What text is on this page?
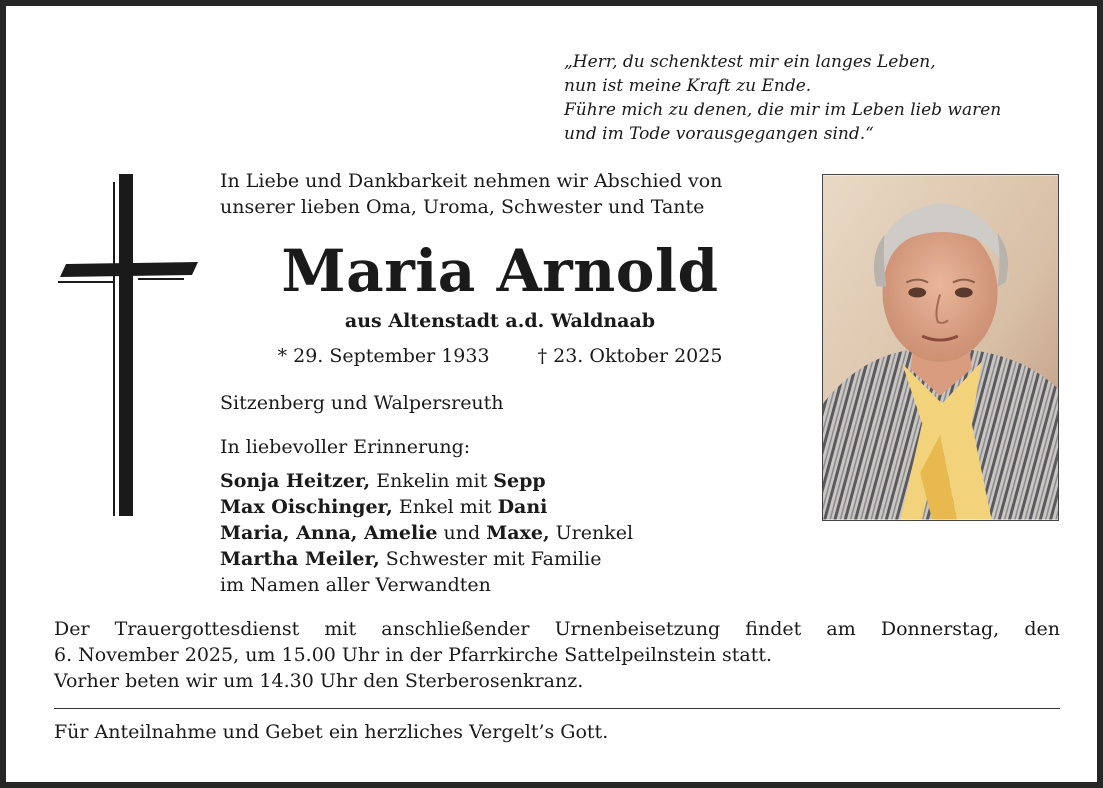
„Herr, du schenktest mir ein langes Leben,
nun ist meine Kraft zu Ende.
Führe mich zu denen, die mir im Leben lieb waren
und im Tode vorausgegangen sind.“
In Liebe und Dankbarkeit nehmen wir Abschied von
unserer lieben Oma, Uroma, Schwester und Tante
Maria Arnold
aus Altenstadt a.d. Waldnaab
* 29. September 1933	† 23. Oktober 2025
Sitzenberg und Walpersreuth
In liebevoller Erinnerung:
Sonja Heitzer, Enkelin mit Sepp
Max Oischinger, Enkel mit Dani
Maria, Anna, Amelie und Maxe, Urenkel
Martha Meiler, Schwester mit Familie
im Namen aller Verwandten
Der Trauergottesdienst mit anschließender Urnenbeisetzung findet am Donnerstag, den
6. November 2025, um 15.00 Uhr in der Pfarrkirche Sattelpeilnstein statt.
Vorher beten wir um 14.30 Uhr den Sterberosenkranz.
Für Anteilnahme und Gebet ein herzliches Vergelt’s Gott.
